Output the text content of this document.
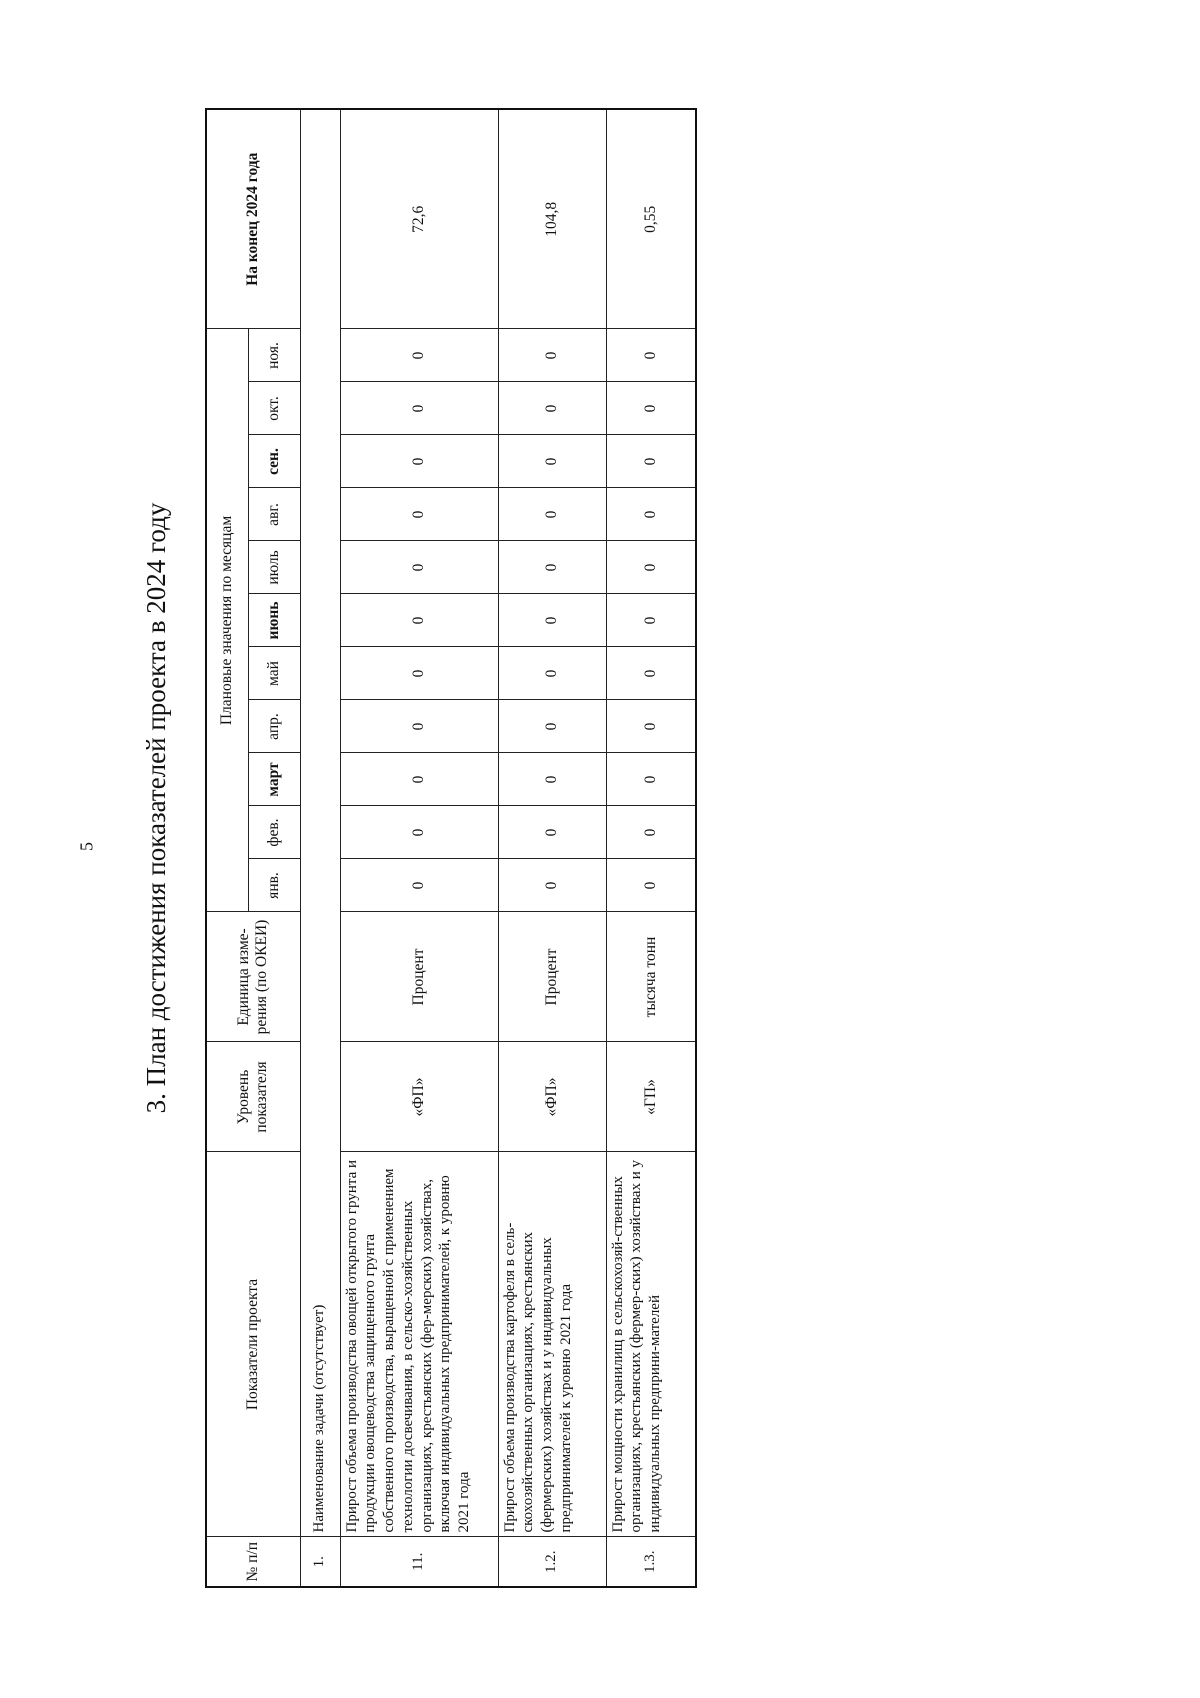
5 3. План достижения показателей проекта в 2024 году
№ п/п	Показатели проекта	Уровень показателя	Единица изме-рения (по ОКЕИ)	Плановые значения по месяцам											На конец 2024 года
				янв.	фев.	март	апр.	май	июнь	июль	авг.	сен.	окт.	ноя.	
1.	Наименование задачи (отсутствует)														
11.	Прирост объема производства овощей открытого грунта и продукции овощеводства защищенного грунта собственного производства, выращенной с применением технологии досвечивания, в сельско-хозяйственных организациях, крестьянских (фер-мерских) хозяйствах, включая индивидуальных предпринимателей, к уровню 2021 года	«ФП»	Процент	0	0	0	0	0	0	0	0	0	0	0	72,6
1.2.	Прирост объема производства картофеля в сель-скохозяйственных организациях, крестьянских (фермерских) хозяйствах и у индивидуальных предпринимателей к уровню 2021 года	«ФП»	Процент	0	0	0	0	0	0	0	0	0	0	0	104,8
1.3.	Прирост мощности хранилищ в сельскохозяй-ственных организациях, крестьянских (фермер-ских) хозяйствах и у индивидуальных предприни-мателей	«ГП»	тысяча тонн	0	0	0	0	0	0	0	0	0	0	0	0,55
